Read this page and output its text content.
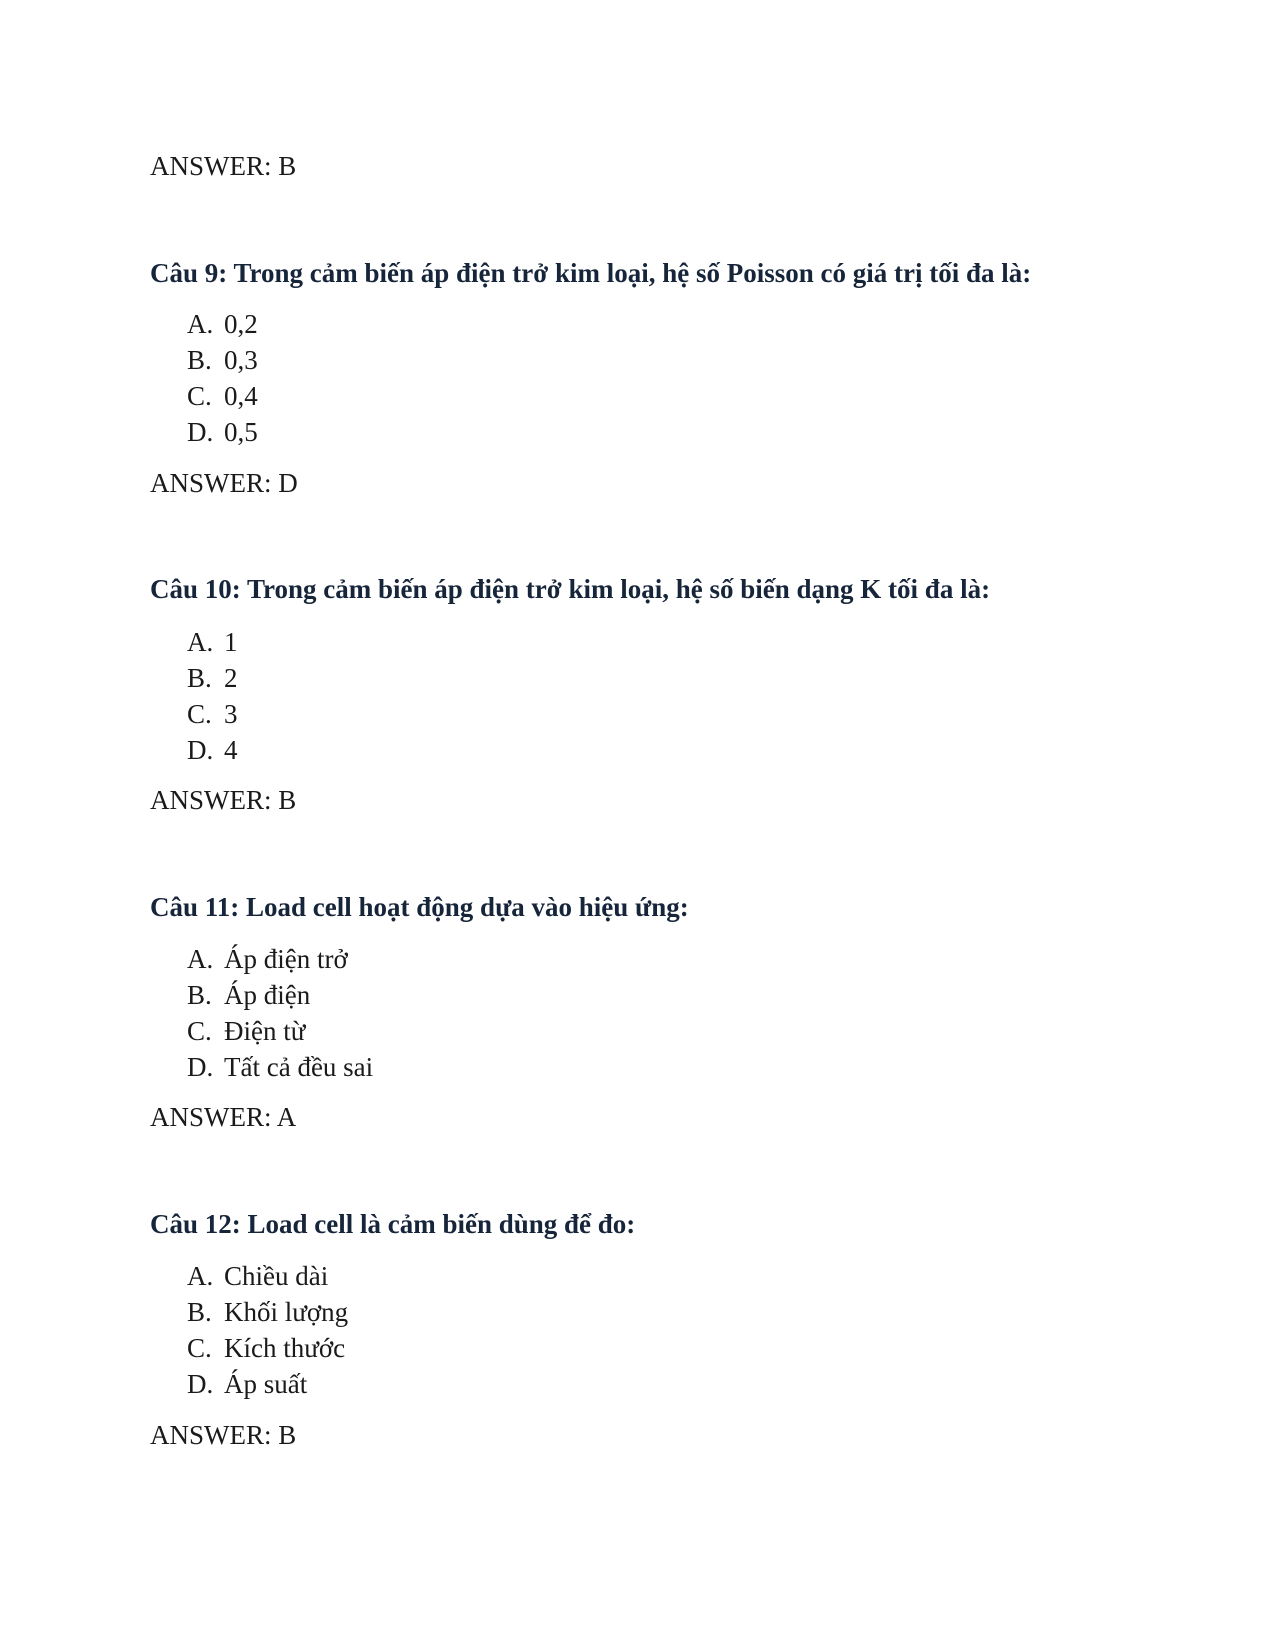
ANSWER: B
Câu 9: Trong cảm biến áp điện trở kim loại, hệ số Poisson có giá trị tối đa là:
A. 0,2
B. 0,3
C. 0,4
D. 0,5
ANSWER: D
Câu 10: Trong cảm biến áp điện trở kim loại, hệ số biến dạng K tối đa là:
A. 1
B. 2
C. 3
D. 4
ANSWER: B
Câu 11: Load cell hoạt động dựa vào hiệu ứng:
A. Áp điện trở
B. Áp điện
C. Điện từ
D. Tất cả đều sai
ANSWER: A
Câu 12: Load cell là cảm biến dùng để đo:
A. Chiều dài
B. Khối lượng
C. Kích thước
D. Áp suất
ANSWER: B
